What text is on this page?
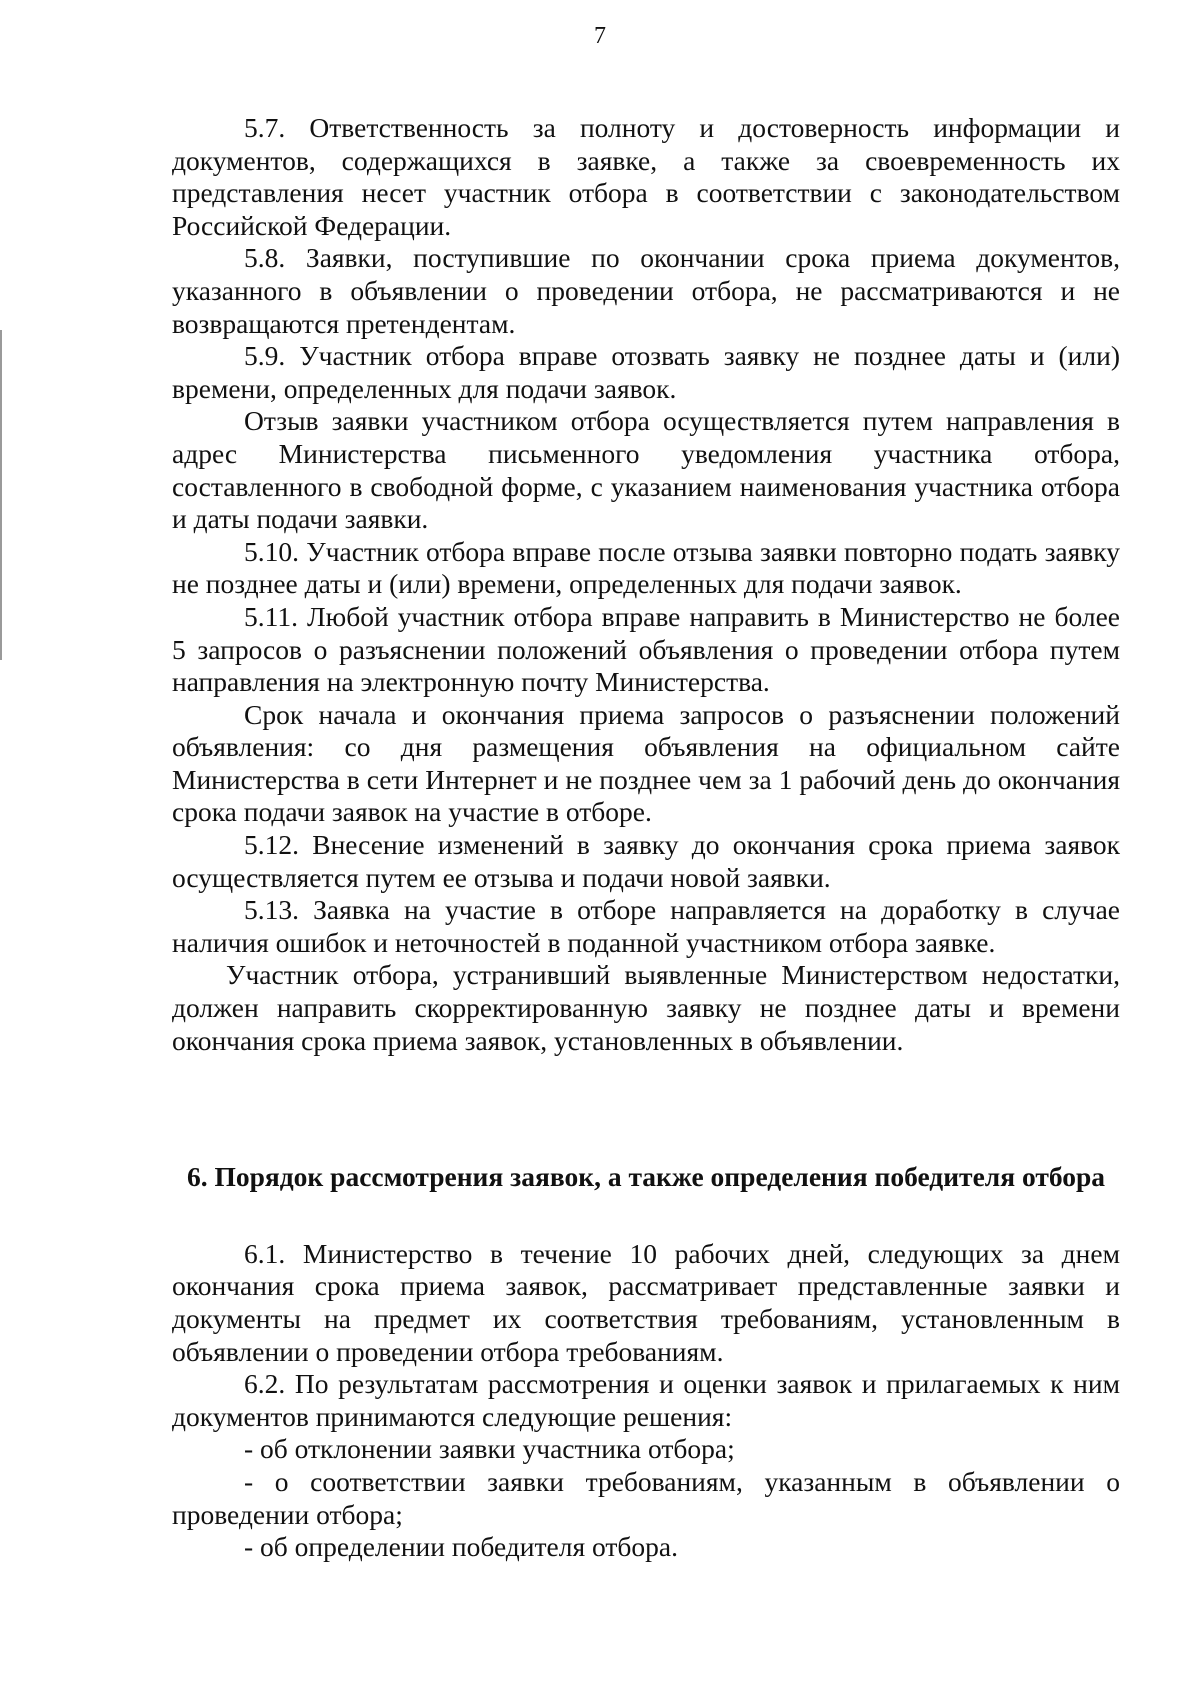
7

5.7. Ответственность за полноту и достоверность информации и документов, содержащихся в заявке, а также за своевременность их представления несет участник отбора в соответствии с законодательством Российской Федерации.

5.8. Заявки, поступившие по окончании срока приема документов, указанного в объявлении о проведении отбора, не рассматриваются и не возвращаются претендентам.

5.9. Участник отбора вправе отозвать заявку не позднее даты и (или) времени, определенных для подачи заявок.

Отзыв заявки участником отбора осуществляется путем направления в адрес Министерства письменного уведомления участника отбора, составленного в свободной форме, с указанием наименования участника отбора и даты подачи заявки.

5.10. Участник отбора вправе после отзыва заявки повторно подать заявку не позднее даты и (или) времени, определенных для подачи заявок.

5.11. Любой участник отбора вправе направить в Министерство не более 5 запросов о разъяснении положений объявления о проведении отбора путем направления на электронную почту Министерства.

Срок начала и окончания приема запросов о разъяснении положений объявления: со дня размещения объявления на официальном сайте Министерства в сети Интернет и не позднее чем за 1 рабочий день до окончания срока подачи заявок на участие в отборе.

5.12. Внесение изменений в заявку до окончания срока приема заявок осуществляется путем ее отзыва и подачи новой заявки.

5.13. Заявка на участие в отборе направляется на доработку в случае наличия ошибок и неточностей в поданной участником отбора заявке.

Участник отбора, устранивший выявленные Министерством недостатки, должен направить скорректированную заявку не позднее даты и времени окончания срока приема заявок, установленных в объявлении.

6. Порядок рассмотрения заявок, а также определения победителя отбора

6.1. Министерство в течение 10 рабочих дней, следующих за днем окончания срока приема заявок, рассматривает представленные заявки и документы на предмет их соответствия требованиям, установленным в объявлении о проведении отбора требованиям.

6.2. По результатам рассмотрения и оценки заявок и прилагаемых к ним документов принимаются следующие решения:

- об отклонении заявки участника отбора;

- о соответствии заявки требованиям, указанным в объявлении о проведении отбора;

- об определении победителя отбора.
